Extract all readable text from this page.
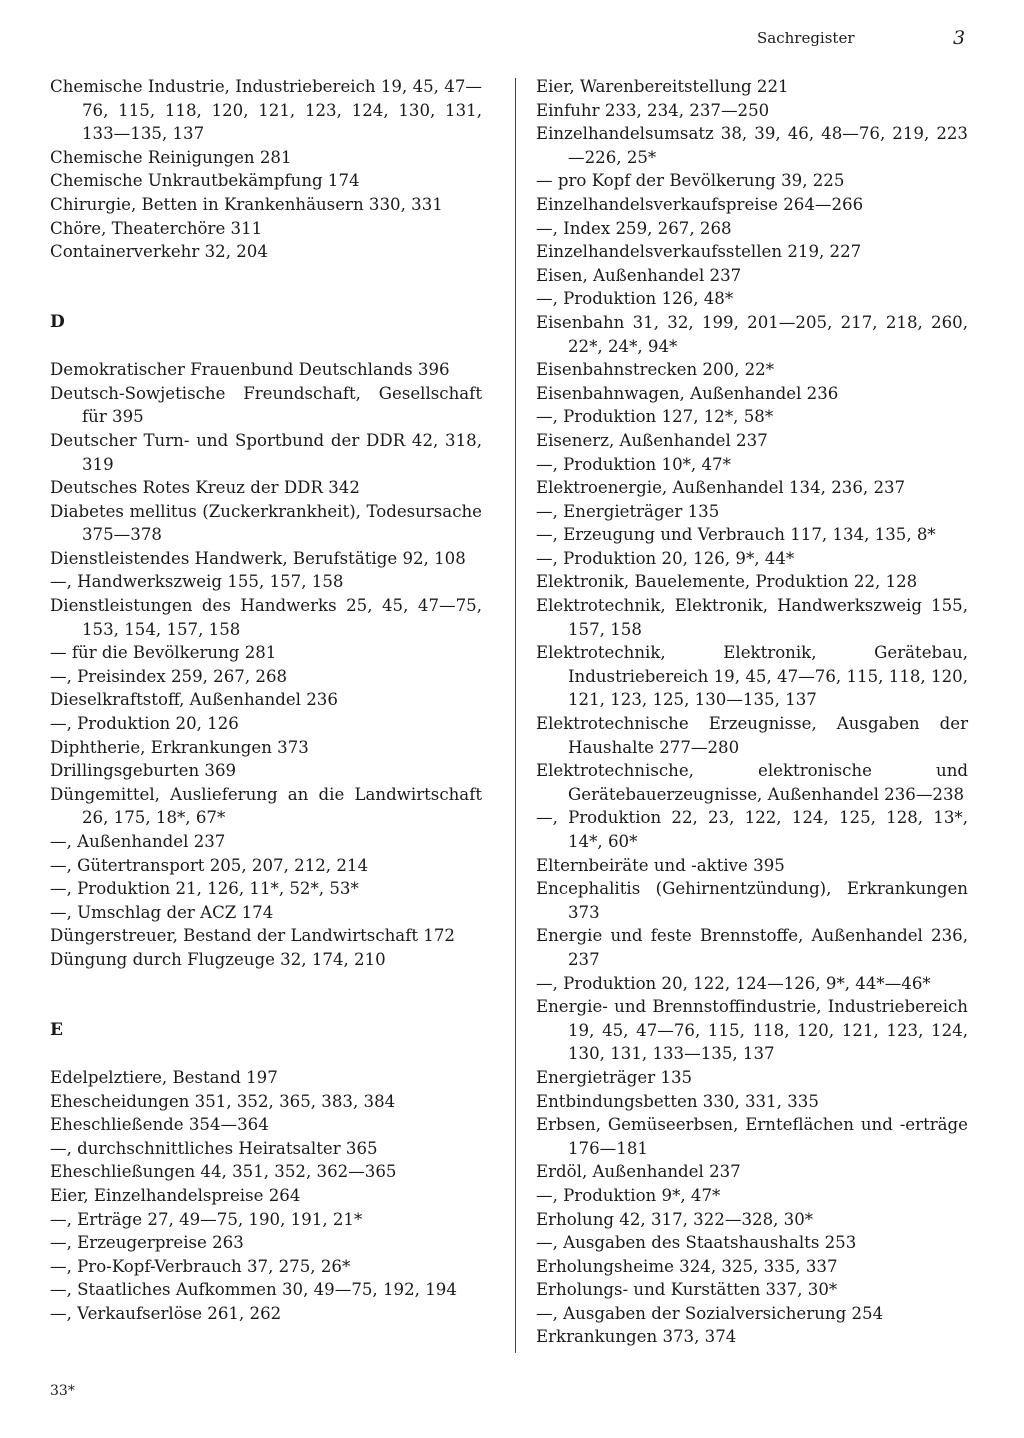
Sachregister	3
Chemische Industrie, Industriebereich 19, 45, 47—76, 115, 118, 120, 121, 123, 124, 130, 131, 133—135, 137
Chemische Reinigungen 281
Chemische Unkrautbekämpfung 174
Chirurgie, Betten in Krankenhäusern 330, 331
Chöre, Theaterchöre 311
Containerverkehr 32, 204
D
Demokratischer Frauenbund Deutschlands 396
Deutsch-Sowjetische Freundschaft, Gesellschaft für 395
Deutscher Turn- und Sportbund der DDR 42, 318, 319
Deutsches Rotes Kreuz der DDR 342
Diabetes mellitus (Zuckerkrankheit), Todesursache 375—378
Dienstleistendes Handwerk, Berufstätige 92, 108
—, Handwerkszweig 155, 157, 158
Dienstleistungen des Handwerks 25, 45, 47—75, 153, 154, 157, 158
— für die Bevölkerung 281
—, Preisindex 259, 267, 268
Dieselkraftstoff, Außenhandel 236
—, Produktion 20, 126
Diphtherie, Erkrankungen 373
Drillingsgeburten 369
Düngemittel, Auslieferung an die Landwirtschaft 26, 175, 18*, 67*
—, Außenhandel 237
—, Gütertransport 205, 207, 212, 214
—, Produktion 21, 126, 11*, 52*, 53*
—, Umschlag der ACZ 174
Düngerstreuer, Bestand der Landwirtschaft 172
Düngung durch Flugzeuge 32, 174, 210
E
Edelpelztiere, Bestand 197
Ehescheidungen 351, 352, 365, 383, 384
Eheschließende 354—364
—, durchschnittliches Heiratsalter 365
Eheschließungen 44, 351, 352, 362—365
Eier, Einzelhandelspreise 264
—, Erträge 27, 49—75, 190, 191, 21*
—, Erzeugerpreise 263
—, Pro-Kopf-Verbrauch 37, 275, 26*
—, Staatliches Aufkommen 30, 49—75, 192, 194
—, Verkaufserlöse 261, 262
Eier, Warenbereitstellung 221
Einfuhr 233, 234, 237—250
Einzelhandelsumsatz 38, 39, 46, 48—76, 219, 223—226, 25*
— pro Kopf der Bevölkerung 39, 225
Einzelhandelsverkaufspreise 264—266
—, Index 259, 267, 268
Einzelhandelsverkaufsstellen 219, 227
Eisen, Außenhandel 237
—, Produktion 126, 48*
Eisenbahn 31, 32, 199, 201—205, 217, 218, 260, 22*, 24*, 94*
Eisenbahnstrecken 200, 22*
Eisenbahnwagen, Außenhandel 236
—, Produktion 127, 12*, 58*
Eisenerz, Außenhandel 237
—, Produktion 10*, 47*
Elektroenergie, Außenhandel 134, 236, 237
—, Energieträger 135
—, Erzeugung und Verbrauch 117, 134, 135, 8*
—, Produktion 20, 126, 9*, 44*
Elektronik, Bauelemente, Produktion 22, 128
Elektrotechnik, Elektronik, Handwerkszweig 155, 157, 158
Elektrotechnik, Elektronik, Gerätebau, Industriebereich 19, 45, 47—76, 115, 118, 120, 121, 123, 125, 130—135, 137
Elektrotechnische Erzeugnisse, Ausgaben der Haushalte 277—280
Elektrotechnische, elektronische und Gerätebauerzeugnisse, Außenhandel 236—238
—, Produktion 22, 23, 122, 124, 125, 128, 13*, 14*, 60*
Elternbeiräte und -aktive 395
Encephalitis (Gehirnentzündung), Erkrankungen 373
Energie und feste Brennstoffe, Außenhandel 236, 237
—, Produktion 20, 122, 124—126, 9*, 44*—46*
Energie- und Brennstoffindustrie, Industriebereich 19, 45, 47—76, 115, 118, 120, 121, 123, 124, 130, 131, 133—135, 137
Energieträger 135
Entbindungsbetten 330, 331, 335
Erbsen, Gemüseerbsen, Ernteflächen und -erträge 176—181
Erdöl, Außenhandel 237
—, Produktion 9*, 47*
Erholung 42, 317, 322—328, 30*
—, Ausgaben des Staatshaushalts 253
Erholungsheime 324, 325, 335, 337
Erholungs- und Kurstätten 337, 30*
—, Ausgaben der Sozialversicherung 254
Erkrankungen 373, 374
33*
